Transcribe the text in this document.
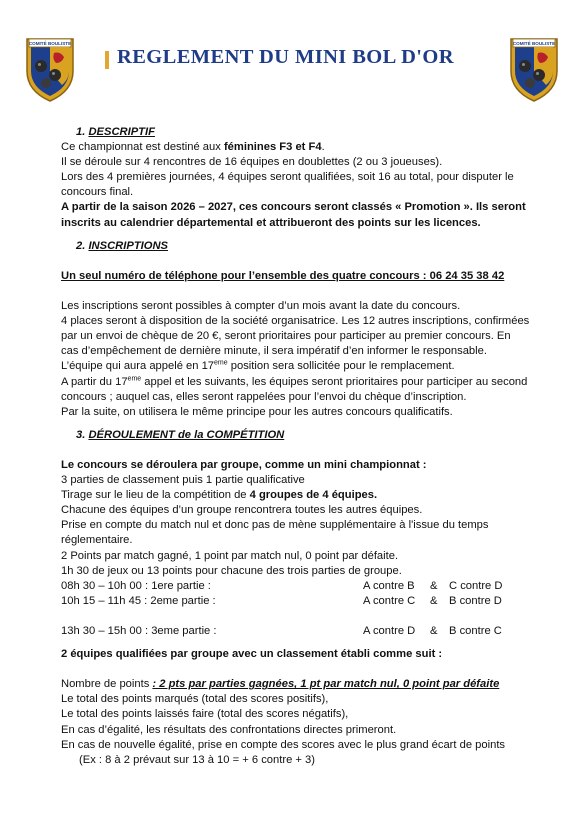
COMITÉ BOULISTE	COMITÉ BOULISTE
REGLEMENT DU MINI BOL D'OR

1. DESCRIPTIF

Ce championnat est destiné aux féminines F3 et F4.

Il se déroule sur 4 rencontres de 16 équipes en doublettes (2 ou 3 joueuses).

Lors des 4 premières journées, 4 équipes seront qualifiées, soit 16 au total, pour disputer le concours final.

A partir de la saison 2026 – 2027, ces concours seront classés « Promotion ». Ils seront inscrits au calendrier départemental et attribueront des points sur les licences.

2. INSCRIPTIONS

Un seul numéro de téléphone pour l’ensemble des quatre concours : 06 24 35 38 42

Les inscriptions seront possibles à compter d’un mois avant la date du concours.

4 places seront à disposition de la société organisatrice. Les 12 autres inscriptions, confirmées par un envoi de chèque de 20 €, seront prioritaires pour participer au premier concours. En cas d’empêchement de dernière minute, il sera impératif d’en informer le responsable. L’équipe qui aura appelé en 17eme position sera sollicitée pour le remplacement.

A partir du 17eme appel et les suivants, les équipes seront prioritaires pour participer au second concours ; auquel cas, elles seront rappelées pour l’envoi du chèque d’inscription.

Par la suite, on utilisera le même principe pour les autres concours qualificatifs.

3. DÉROULEMENT de la COMPÉTITION

Le concours se déroulera par groupe, comme un mini championnat :

3 parties de classement puis 1 partie qualificative

Tirage sur le lieu de la compétition de 4 groupes de 4 équipes.

Chacune des équipes d’un groupe rencontrera toutes les autres équipes.

Prise en compte du match nul et donc pas de mène supplémentaire à l'issue du temps réglementaire.

2 Points par match gagné, 1 point par match nul, 0 point par défaite.

1h 30 de jeux ou 13 points pour chacune des trois parties de groupe.

08h 30 – 10h 00 : 1ere partie :	A contre B	&	C contre D
10h 15 – 11h 45 : 2eme partie :	A contre C	&	B contre D
13h 30 – 15h 00 : 3eme partie :	A contre D	&	B contre C

2 équipes qualifiées par groupe avec un classement établi comme suit :

Nombre de points : 2 pts par parties gagnées, 1 pt par match nul, 0 point par défaite

Le total des points marqués (total des scores positifs),

Le total des points laissés faire (total des scores négatifs),

En cas d’égalité, les résultats des confrontations directes primeront.

En cas de nouvelle égalité, prise en compte des scores avec le plus grand écart de points

(Ex : 8 à 2 prévaut sur 13 à 10 = + 6 contre + 3)
